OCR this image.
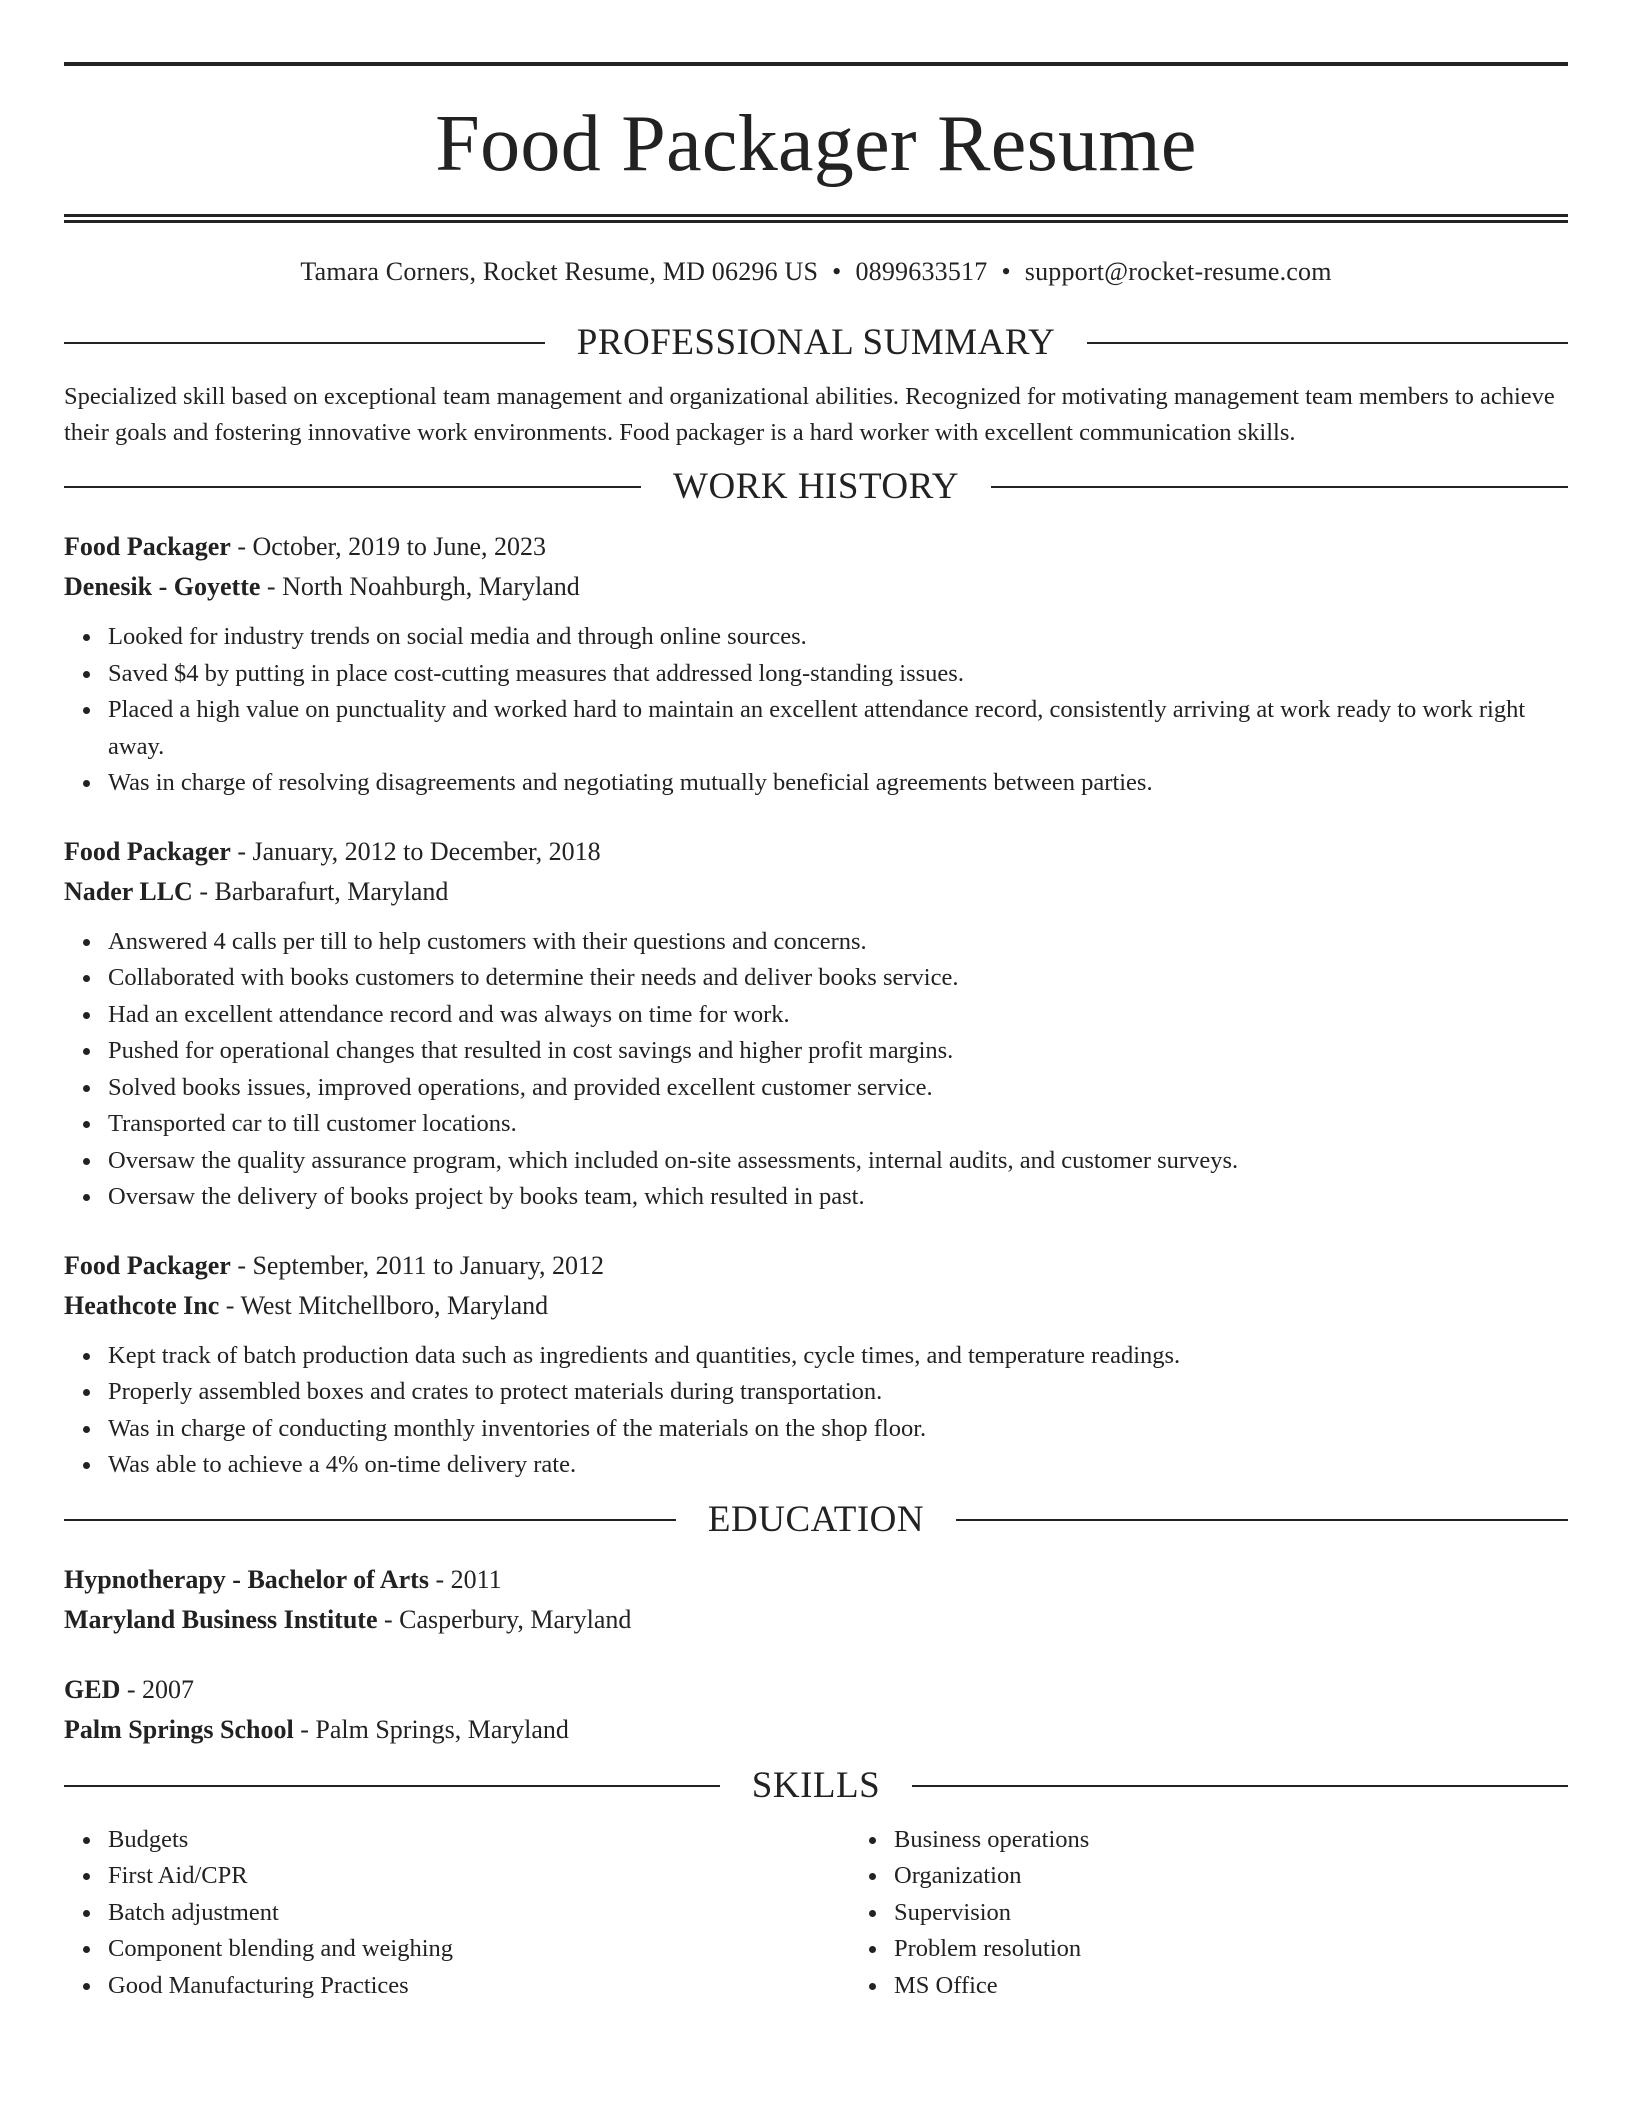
Food Packager Resume
Tamara Corners, Rocket Resume, MD 06296 US • 0899633517 • support@rocket-resume.com
PROFESSIONAL SUMMARY

Specialized skill based on exceptional team management and organizational abilities. Recognized for motivating management team members to achieve their goals and fostering innovative work environments. Food packager is a hard worker with excellent communication skills.

WORK HISTORY
Food Packager - October, 2019 to June, 2023
Denesik - Goyette - North Noahburgh, Maryland
Looked for industry trends on social media and through online sources.
Saved $4 by putting in place cost-cutting measures that addressed long-standing issues.
Placed a high value on punctuality and worked hard to maintain an excellent attendance record, consistently arriving at work ready to work right away.
Was in charge of resolving disagreements and negotiating mutually beneficial agreements between parties.
Food Packager - January, 2012 to December, 2018
Nader LLC - Barbarafurt, Maryland
Answered 4 calls per till to help customers with their questions and concerns.
Collaborated with books customers to determine their needs and deliver books service.
Had an excellent attendance record and was always on time for work.
Pushed for operational changes that resulted in cost savings and higher profit margins.
Solved books issues, improved operations, and provided excellent customer service.
Transported car to till customer locations.
Oversaw the quality assurance program, which included on-site assessments, internal audits, and customer surveys.
Oversaw the delivery of books project by books team, which resulted in past.
Food Packager - September, 2011 to January, 2012
Heathcote Inc - West Mitchellboro, Maryland
Kept track of batch production data such as ingredients and quantities, cycle times, and temperature readings.
Properly assembled boxes and crates to protect materials during transportation.
Was in charge of conducting monthly inventories of the materials on the shop floor.
Was able to achieve a 4% on-time delivery rate.
EDUCATION
Hypnotherapy - Bachelor of Arts - 2011
Maryland Business Institute - Casperbury, Maryland
GED - 2007
Palm Springs School - Palm Springs, Maryland
SKILLS
Budgets
First Aid/CPR
Batch adjustment
Component blending and weighing
Good Manufacturing Practices
Business operations
Organization
Supervision
Problem resolution
MS Office
